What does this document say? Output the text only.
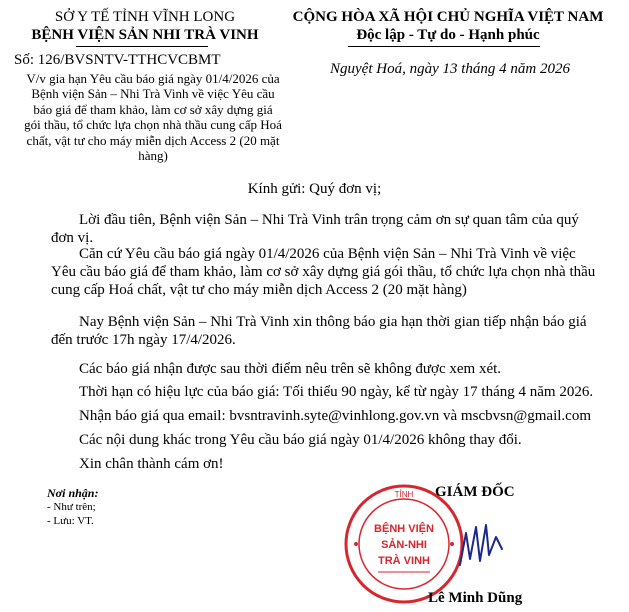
SỞ Y TẾ TỈNH VĨNH LONG
BỆNH VIỆN SẢN NHI TRÀ VINH
Số: 126/BVSNTV-TTHCVCBMT
V/v gia hạn Yêu cầu báo giá ngày 01/4/2026 của Bệnh viện Sản – Nhi Trà Vinh về việc Yêu cầu báo giá để tham khảo, làm cơ sở xây dựng giá gói thầu, tổ chức lựa chọn nhà thầu cung cấp Hoá chất, vật tư cho máy miễn dịch Access 2 (20 mặt hàng)
CỘNG HÒA XÃ HỘI CHỦ NGHĨA VIỆT NAM
Độc lập - Tự do - Hạnh phúc
Nguyệt Hoá, ngày 13 tháng 4 năm 2026
Kính gửi: Quý đơn vị;
Lời đầu tiên, Bệnh viện Sản – Nhi Trà Vinh trân trọng cảm ơn sự quan tâm của quý đơn vị.
Căn cứ Yêu cầu báo giá ngày 01/4/2026 của Bệnh viện Sản – Nhi Trà Vinh về việc Yêu cầu báo giá để tham khảo, làm cơ sở xây dựng giá gói thầu, tổ chức lựa chọn nhà thầu cung cấp Hoá chất, vật tư cho máy miễn dịch Access 2 (20 mặt hàng)
Nay Bệnh viện Sản – Nhi Trà Vinh xin thông báo gia hạn thời gian tiếp nhận báo giá đến trước 17h ngày 17/4/2026.
Các báo giá nhận được sau thời điểm nêu trên sẽ không được xem xét.
Thời hạn có hiệu lực của báo giá: Tối thiểu 90 ngày, kể từ ngày 17 tháng 4 năm 2026.
Nhận báo giá qua email: bvsntravinh.syte@vinhlong.gov.vn và mscbvsn@gmail.com
Các nội dung khác trong Yêu cầu báo giá ngày 01/4/2026 không thay đổi.
Xin chân thành cám ơn!
Nơi nhận:
- Như trên;
- Lưu: VT.
TỈNH
BỆNH VIỆN
SẢN-NHI
TRÀ VINH
GIÁM ĐỐC
Lê Minh Dũng
